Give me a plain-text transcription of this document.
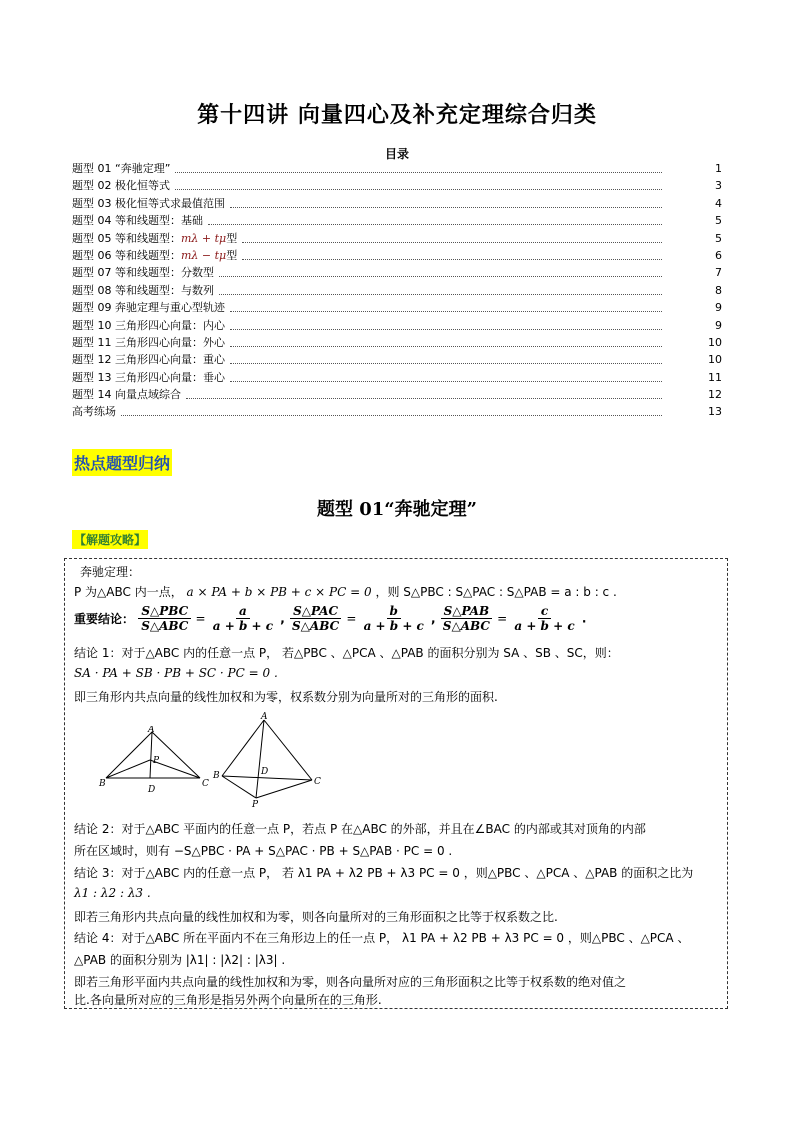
第十四讲 向量四心及补充定理综合归类
目录
题型 01 “奔驰定理”	1
题型 02 极化恒等式	3
题型 03 极化恒等式求最值范围	4
题型 04 等和线题型：基础	5
题型 05 等和线题型：mλ + tμ型	5
题型 06 等和线题型：mλ − tμ型	6
题型 07 等和线题型：分数型	7
题型 08 等和线题型：与数列	8
题型 09 奔驰定理与重心型轨迹	9
题型 10 三角形四心向量：内心	9
题型 11 三角形四心向量：外心	10
题型 12 三角形四心向量：重心	10
题型 13 三角形四心向量：垂心	11
题型 14 向量点域综合	12
高考练场	13
热点题型归纳
题型 01“奔驰定理”
【解题攻略】
奔驰定理：
P 为△ABC 内一点， a × PA + b × PB + c × PC = 0 ，则 S△PBC : S△PAC : S△PAB = a : b : c .
重要结论： $\frac{\text{S△PBC}}{\text{S△ABC}} = \frac{a}{a + b + c}$ , $\frac{\text{S△PAC}}{\text{S△ABC}} = \frac{b}{a + b + c}$ , $\frac{\text{S△PAB}}{\text{S△ABC}} = \frac{c}{a + b + c}$ .
结论 1：对于△ABC 内的任意一点 P， 若△PBC 、△PCA 、△PAB 的面积分别为 SA 、SB 、SC，则：
SA · PA + SB · PB + SC · PC = 0 .
即三角形内共点向量的线性加权和为零，权系数分别为向量所对的三角形的面积.
A
B	C
P
D
A
B
C
P
D
结论 2：对于△ABC 平面内的任意一点 P，若点 P 在△ABC 的外部，并且在∠BAC 的内部或其对顶角的内部
所在区域时，则有 −S△PBC · PA + S△PAC · PB + S△PAB · PC = 0 .
结论 3：对于△ABC 内的任意一点 P， 若 λ1 PA + λ2 PB + λ3 PC = 0 ，则△PBC 、△PCA 、△PAB 的面积之比为
λ1 : λ2 : λ3 .
即若三角形内共点向量的线性加权和为零，则各向量所对的三角形面积之比等于权系数之比.
结论 4：对于△ABC 所在平面内不在三角形边上的任一点 P， λ1 PA + λ2 PB + λ3 PC = 0 ，则△PBC 、△PCA 、
△PAB 的面积分别为 |λ1| : |λ2| : |λ3| .
即若三角形平面内共点向量的线性加权和为零，则各向量所对应的三角形面积之比等于权系数的绝对值之
比.各向量所对应的三角形是指另外两个向量所在的三角形.
